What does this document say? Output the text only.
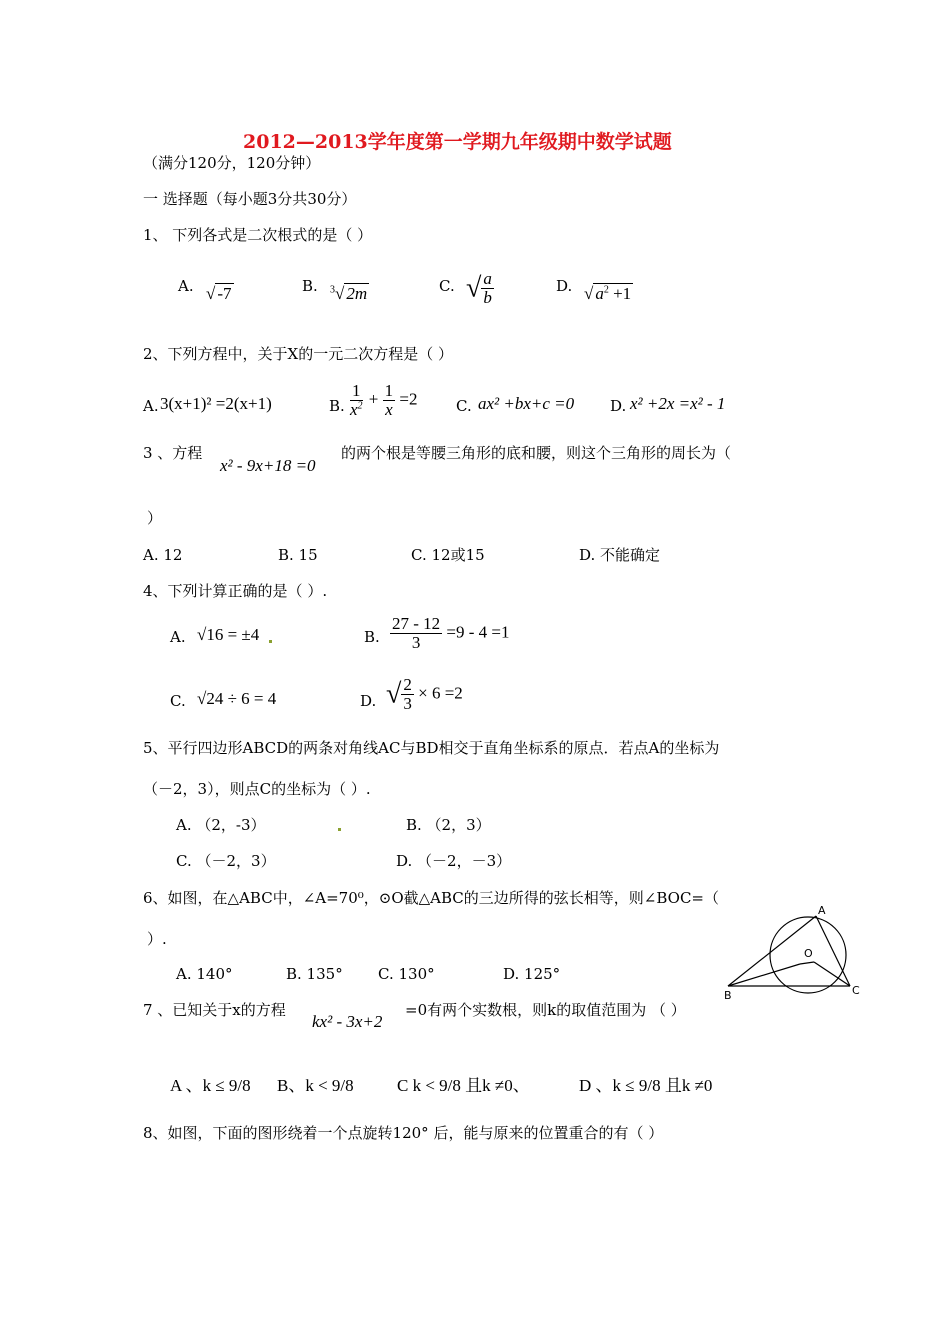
2012—2013学年度第一学期九年级期中数学试题
（满分120分，120分钟）
一 选择题（每小题3分共30分）
1、 下列各式是二次根式的是（ ）
A. √ -7	B. $^3$√ 2m	C. √ $\frac{a}{b}$	D. √ $a^2 +1$
2、下列方程中，关于X的一元二次方程是（ ）
A. 3(x+1)² =2(x+1)	B. $\frac{1}{x^2} + \frac{1}{x} =2$	C. ax² +bx+c =0 D. x² +2x =x² - 1
3 、方程
x² - 9x+18 =0
的两个根是等腰三角形的底和腰，则这个三角形的周长为（
）
A. 12	B. 15	C. 12或15	D. 不能确定
4、下列计算正确的是（ ）.
A. √16 = ±4	B. $\frac{27 - 12}{3} =9 - 4 =1$
C. √24 ÷ 6 = 4	D. √ $\frac{2}{3} \times 6 =2$
5、平行四边形ABCD的两条对角线AC与BD相交于直角坐标系的原点．若点A的坐标为
（－2，3），则点C的坐标为（ ）.
A. （2，-3）	B. （2，3）
C. （－2，3）	D. （－2，－3）
6、如图，在△ABC中，∠A=70⁰，⊙O截△ABC的三边所得的弦长相等，则∠BOC=（
）.
A. 140°	B. 135° C. 130°	D. 125°
A
B	C
O
7 、已知关于x的方程
kx² - 3x+2
=0有两个实数根，则k的取值范围为 （ ）
A 、k ≤ 9/8 B、k < 9/8	C k < 9/8 且k ≠0、	D 、k ≤ 9/8 且k ≠0
8、如图，下面的图形绕着一个点旋转120° 后，能与原来的位置重合的有（ ）
